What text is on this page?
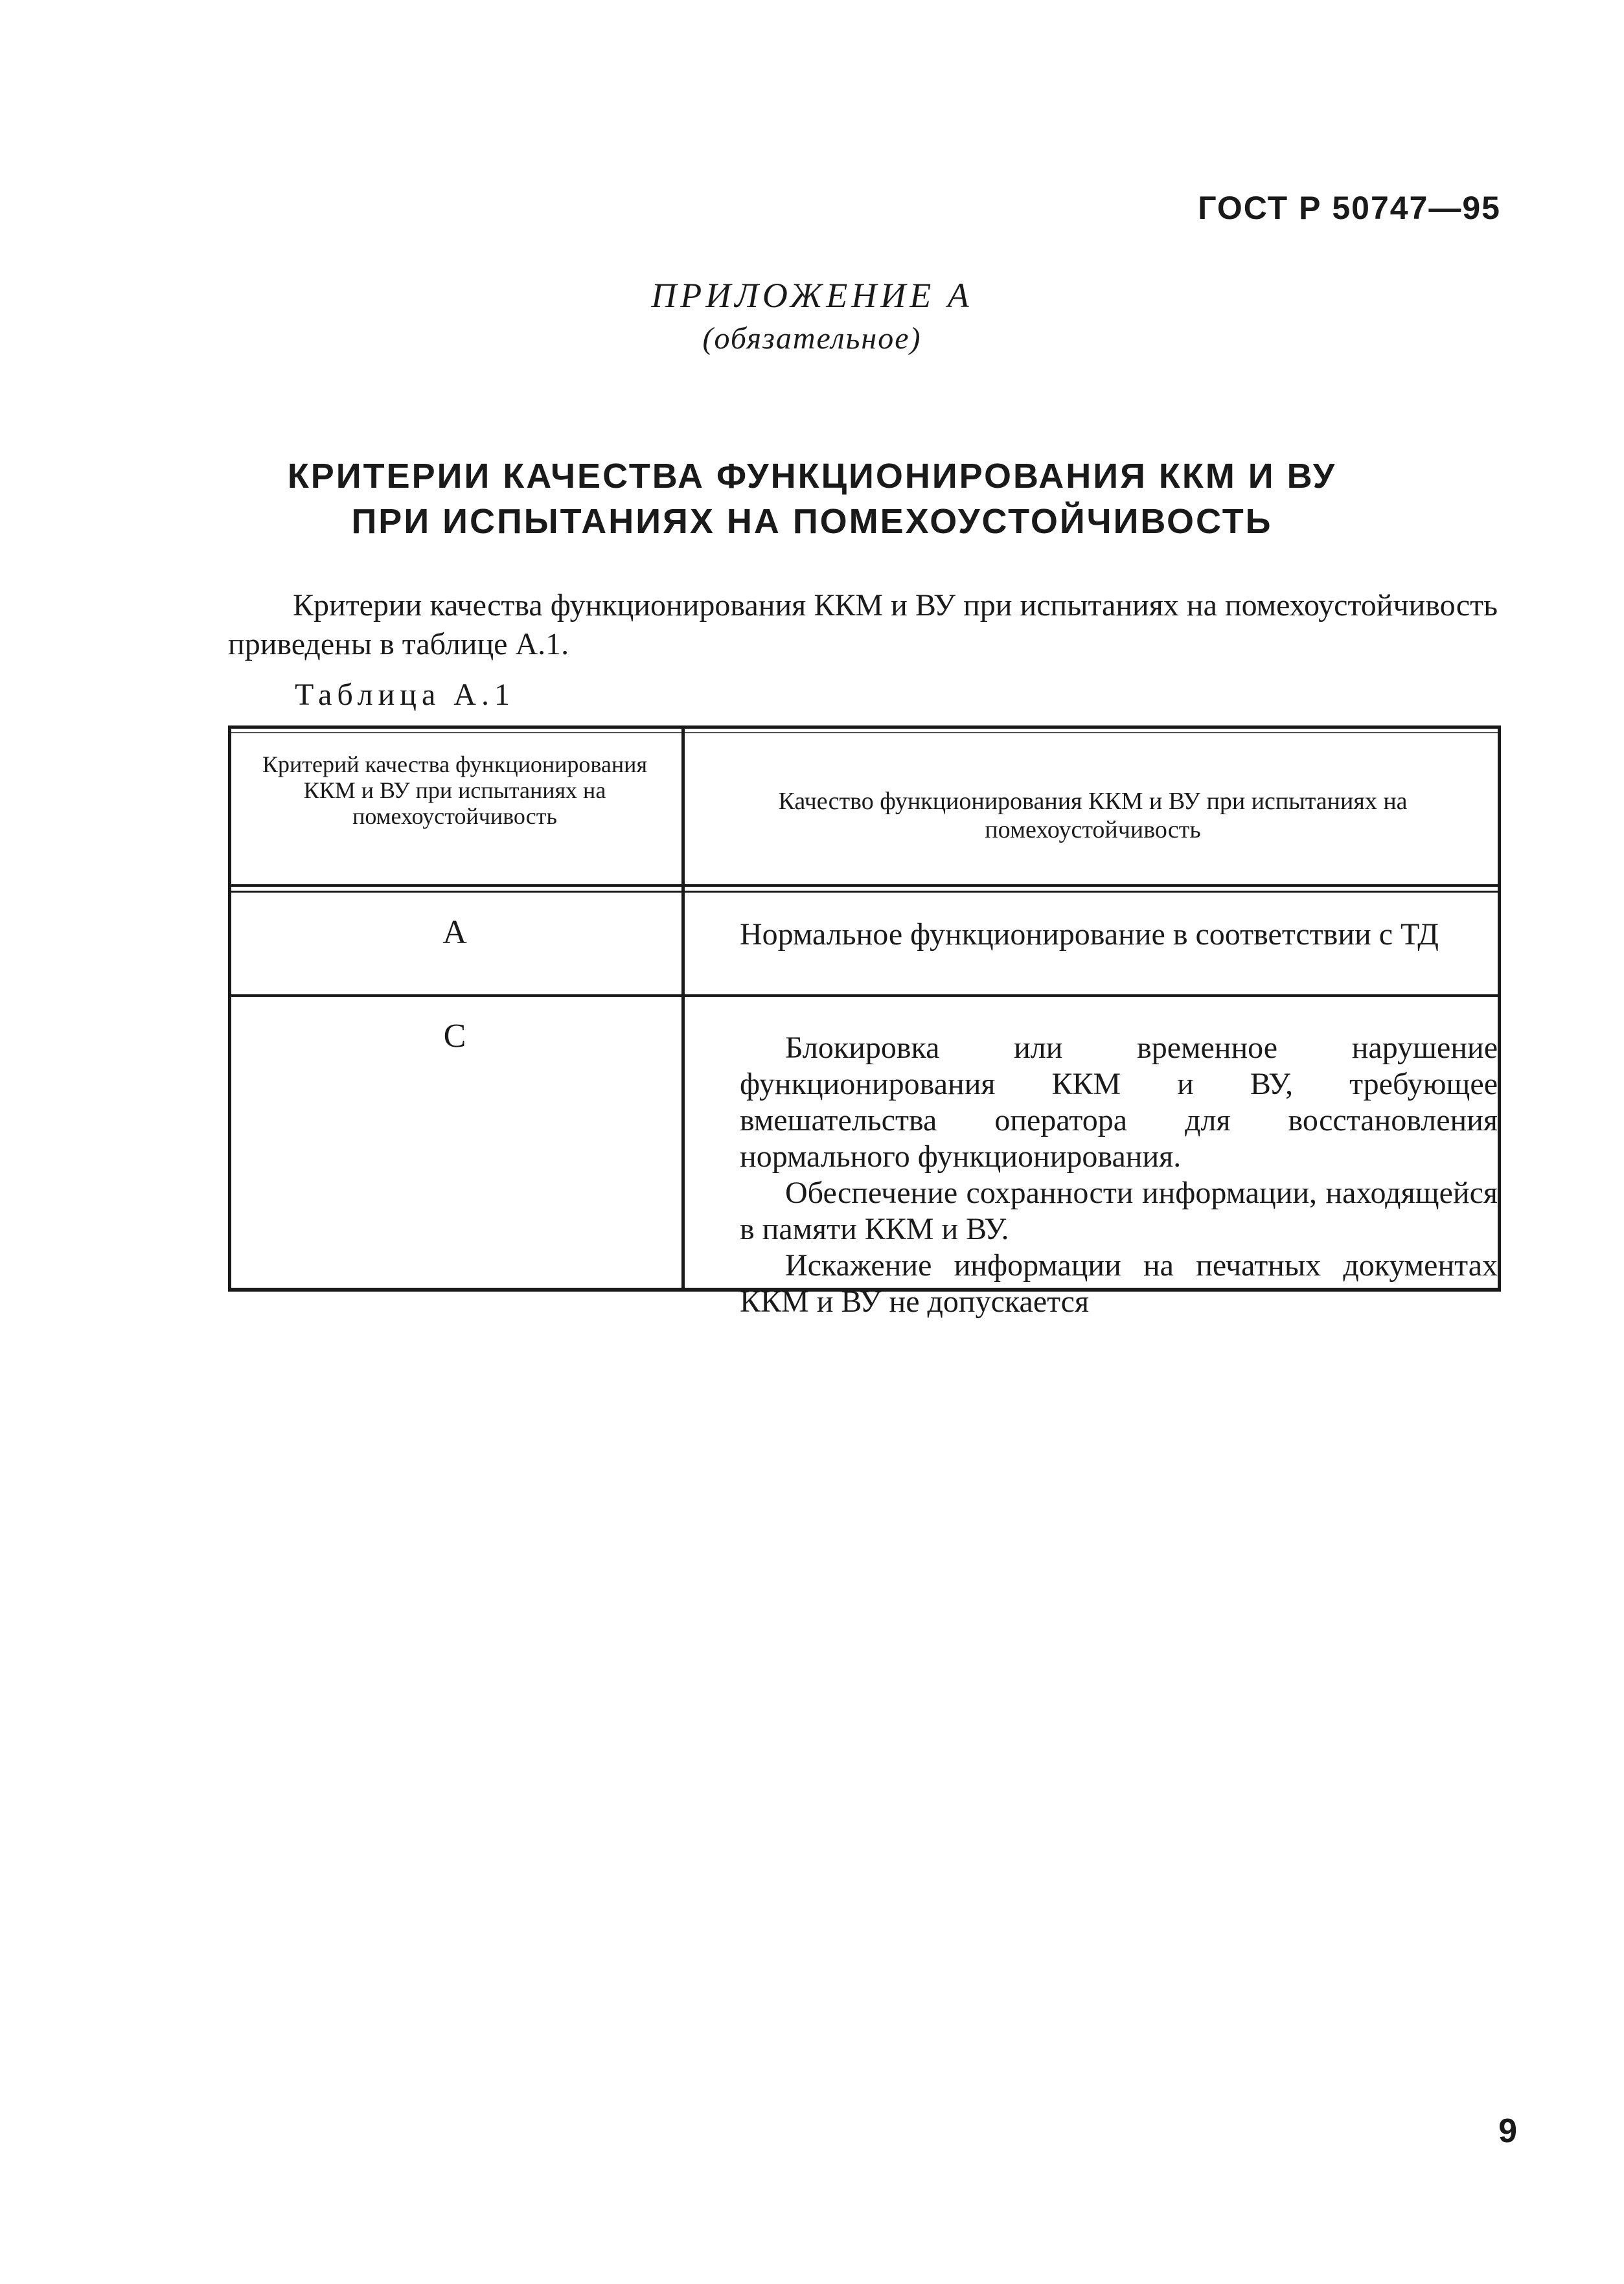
ГОСТ Р 50747—95
ПРИЛОЖЕНИЕ А
(обязательное)
КРИТЕРИИ КАЧЕСТВА ФУНКЦИОНИРОВАНИЯ ККМ И ВУ
ПРИ ИСПЫТАНИЯХ НА ПОМЕХОУСТОЙЧИВОСТЬ
Критерии качества функционирования ККМ и ВУ при испытаниях на помехоустойчивость приведены в таблице А.1.
Таблица А.1
Критерий качества функционирования ККМ и ВУ при испытаниях на помехоустойчивость
Качество функционирования ККМ и ВУ при испытаниях на помехоустойчивость
А	Нормальное функционирование в соответствии с ТД
С	Блокировка или временное нарушение функционирования ККМ и ВУ, требующее вмешательства оператора для восстановления нормального функционирования.

Обеспечение сохранности информации, находящейся в памяти ККМ и ВУ.

Искажение информации на печатных документах ККМ и ВУ не допускается

9
